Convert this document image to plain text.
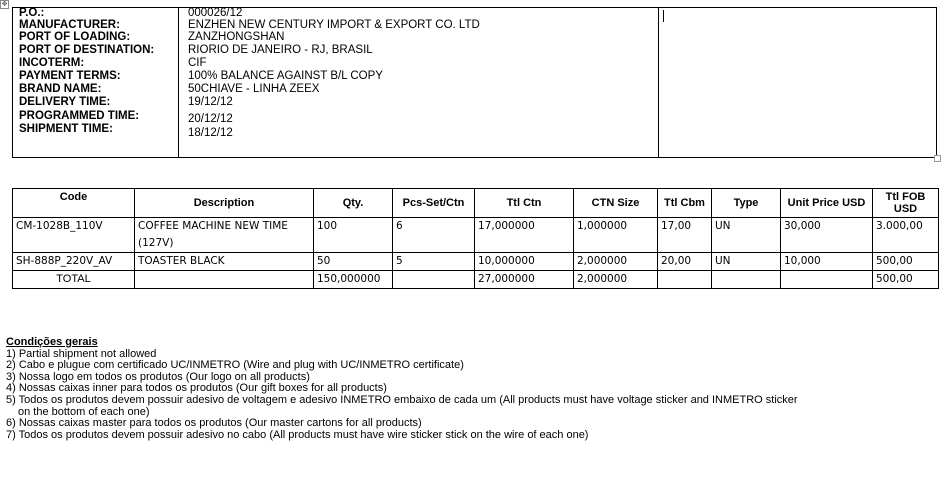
✥
P.O.:	000026/12
MANUFACTURER:	ENZHEN NEW CENTURY IMPORT & EXPORT CO. LTD
PORT OF LOADING:	ZANZHONGSHAN
PORT OF DESTINATION:	RIORIO DE JANEIRO - RJ, BRASIL
INCOTERM:	CIF
PAYMENT TERMS:	100% BALANCE AGAINST B/L COPY
BRAND NAME:	50CHIAVE - LINHA ZEEX
DELIVERY TIME:	19/12/12
PROGRAMMED TIME:	20/12/12
SHIPMENT TIME:	18/12/12
Code	Description	Qty.	Pcs-Set/Ctn	Ttl Ctn	CTN Size	Ttl Cbm	Type	Unit Price USD	Ttl FOB USD
CM-1028B_110V	COFFEE MACHINE NEW TIME (127V)	100	6	17,000000	1,000000	17,00	UN	30,000	3.000,00
SH-888P_220V_AV	TOASTER BLACK	50	5	10,000000	2,000000	20,00	UN	10,000	500,00
TOTAL		150,000000		27,000000	2,000000				500,00
Condições gerais
1) Partial shipment not allowed
2) Cabo e plugue com certificado UC/INMETRO (Wire and plug with UC/INMETRO certificate)
3) Nossa logo em todos os produtos (Our logo on all products)
4) Nossas caixas inner para todos os produtos (Our gift boxes for all products)
5) Todos os produtos devem possuir adesivo de voltagem e adesivo INMETRO embaixo de cada um (All products must have voltage sticker and INMETRO sticker
on the bottom of each one)
6) Nossas caixas master para todos os produtos (Our master cartons for all products)
7) Todos os produtos devem possuir adesivo no cabo (All products must have wire sticker stick on the wire of each one)
